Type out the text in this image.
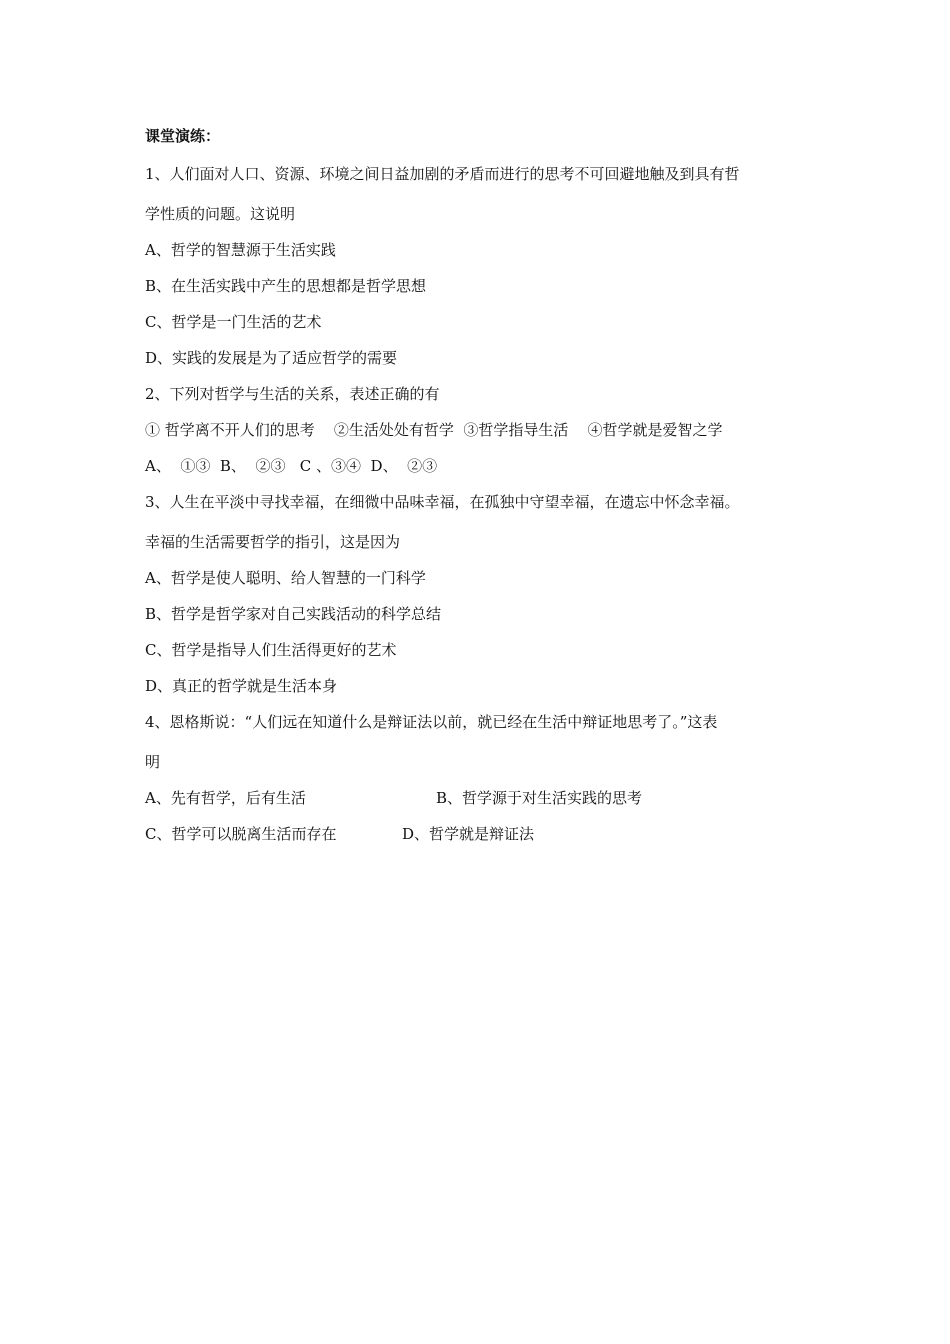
课堂演练：
1、人们面对人口、资源、环境之间日益加剧的矛盾而进行的思考不可回避地触及到具有哲
学性质的问题。这说明
A、哲学的智慧源于生活实践
B、在生活实践中产生的思想都是哲学思想
C、哲学是一门生活的艺术
D、实践的发展是为了适应哲学的需要
2、下列对哲学与生活的关系，表述正确的有
① 哲学离不开人们的思考    ②生活处处有哲学  ③哲学指导生活    ④哲学就是爱智之学
A、  ①③  B、  ②③   C 、③④  D、  ②③
3、人生在平淡中寻找幸福，在细微中品味幸福，在孤独中守望幸福，在遗忘中怀念幸福。
幸福的生活需要哲学的指引，这是因为
A、哲学是使人聪明、给人智慧的一门科学
B、哲学是哲学家对自己实践活动的科学总结
C、哲学是指导人们生活得更好的艺术
D、真正的哲学就是生活本身
4、恩格斯说：“人们远在知道什么是辩证法以前，就已经在生活中辩证地思考了。”这表
明
A、先有哲学，后有生活	B、哲学源于对生活实践的思考
C、哲学可以脱离生活而存在	D、哲学就是辩证法
